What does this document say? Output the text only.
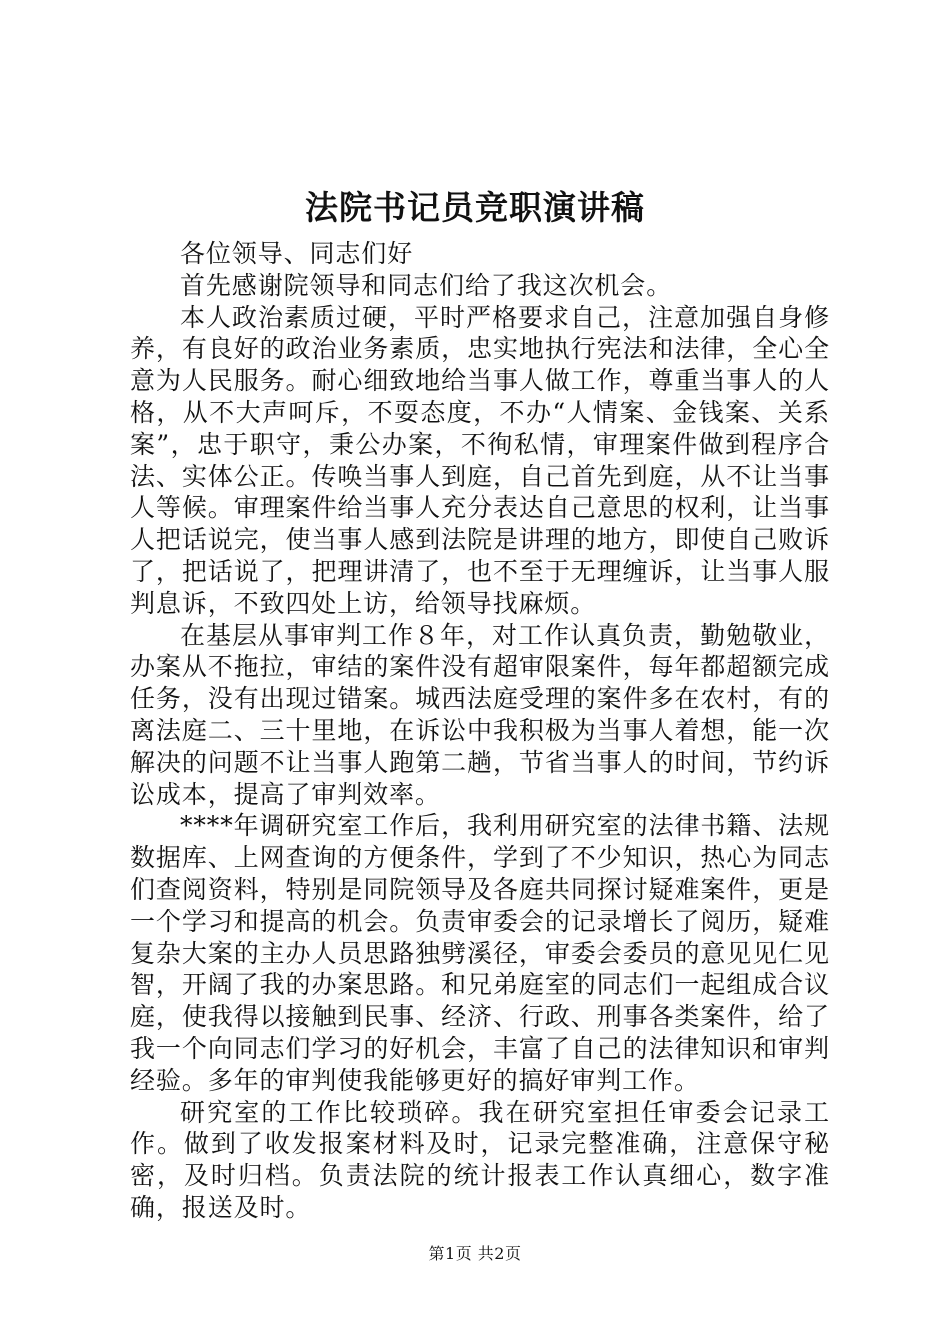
法院书记员竞职演讲稿

各位领导、同志们好

首先感谢院领导和同志们给了我这次机会。

本人政治素质过硬，平时严格要求自己，注意加强自身修养，有良好的政治业务素质，忠实地执行宪法和法律，全心全意为人民服务。耐心细致地给当事人做工作，尊重当事人的人格，从不大声呵斥，不耍态度，不办“人情案、金钱案、关系案”，忠于职守，秉公办案，不徇私情，审理案件做到程序合法、实体公正。传唤当事人到庭，自己首先到庭，从不让当事人等候。审理案件给当事人充分表达自己意思的权利，让当事人把话说完，使当事人感到法院是讲理的地方，即使自己败诉了，把话说了，把理讲清了，也不至于无理缠诉，让当事人服判息诉，不致四处上访，给领导找麻烦。

在基层从事审判工作８年，对工作认真负责，勤勉敬业，办案从不拖拉，审结的案件没有超审限案件，每年都超额完成任务，没有出现过错案。城西法庭受理的案件多在农村，有的离法庭二、三十里地，在诉讼中我积极为当事人着想，能一次解决的问题不让当事人跑第二趟，节省当事人的时间，节约诉讼成本，提高了审判效率。

****年调研究室工作后，我利用研究室的法律书籍、法规数据库、上网查询的方便条件，学到了不少知识，热心为同志们查阅资料，特别是同院领导及各庭共同探讨疑难案件，更是一个学习和提高的机会。负责审委会的记录增长了阅历，疑难复杂大案的主办人员思路独劈溪径，审委会委员的意见见仁见智，开阔了我的办案思路。和兄弟庭室的同志们一起组成合议庭，使我得以接触到民事、经济、行政、刑事各类案件，给了我一个向同志们学习的好机会，丰富了自己的法律知识和审判经验。多年的审判使我能够更好的搞好审判工作。

研究室的工作比较琐碎。我在研究室担任审委会记录工作。做到了收发报案材料及时，记录完整准确，注意保守秘密，及时归档。负责法院的统计报表工作认真细心，数字准确，报送及时。

第1页 共2页
